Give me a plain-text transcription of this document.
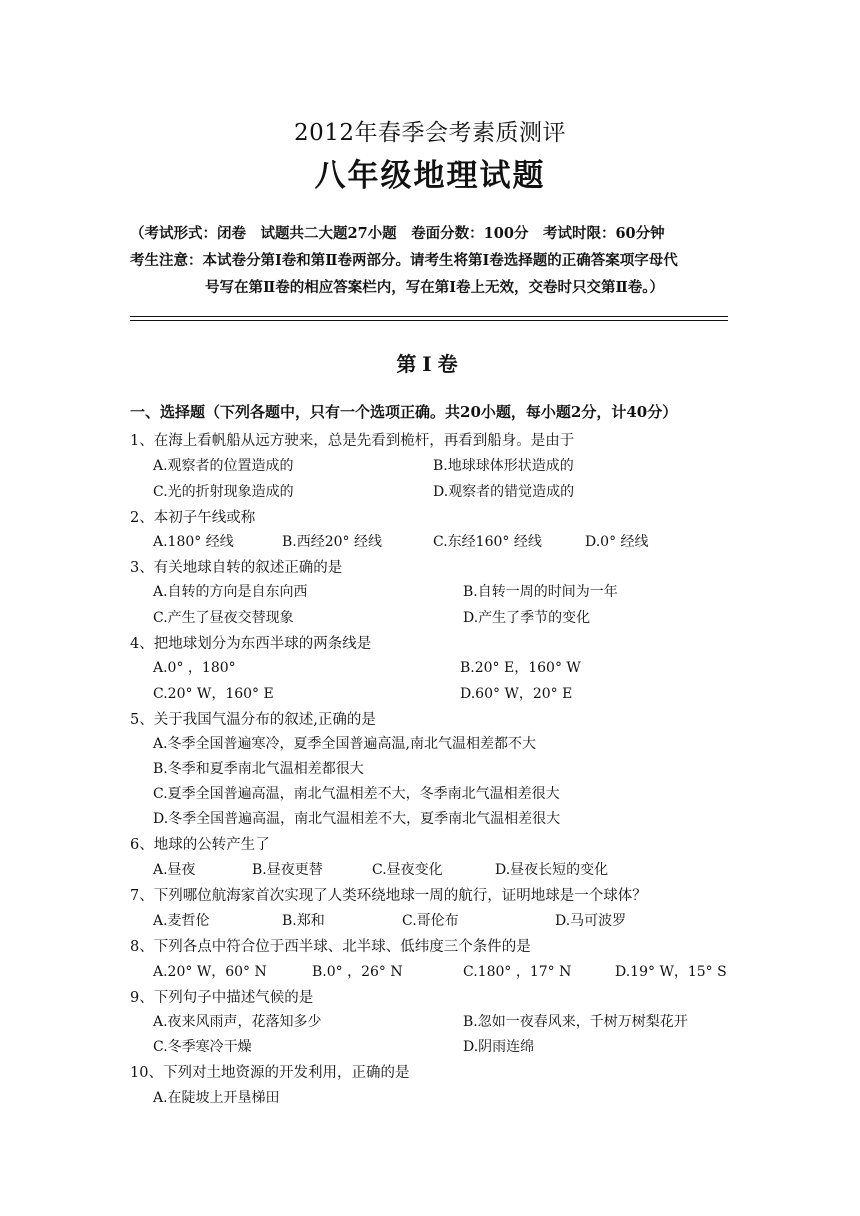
2012年春季会考素质测评
八年级地理试题
（考试形式：闭卷　试题共二大题27小题　卷面分数：100分　考试时限：60分钟
考生注意：本试卷分第Ⅰ卷和第Ⅱ卷两部分。请考生将第Ⅰ卷选择题的正确答案项字母代
号写在第Ⅱ卷的相应答案栏内，写在第Ⅰ卷上无效，交卷时只交第Ⅱ卷。）
第Ⅰ卷
一、选择题（下列各题中，只有一个选项正确。共20小题，每小题2分，计40分）
1、在海上看帆船从远方驶来，总是先看到桅杆，再看到船身。是由于
A.观察者的位置造成的	B.地球球体形状造成的
C.光的折射现象造成的	D.观察者的错觉造成的
2、本初子午线或称
A.180° 经线	B.西经20° 经线	C.东经160° 经线	D.0° 经线
3、有关地球自转的叙述正确的是
A.自转的方向是自东向西	B.自转一周的时间为一年
C.产生了昼夜交替现象	D.产生了季节的变化
4、把地球划分为东西半球的两条线是
A.0° ，180°	B.20° E，160° W
C.20° W，160° E	D.60° W，20° E
5、关于我国气温分布的叙述,正确的是
A.冬季全国普遍寒冷，夏季全国普遍高温,南北气温相差都不大
B.冬季和夏季南北气温相差都很大
C.夏季全国普遍高温，南北气温相差不大，冬季南北气温相差很大
D.冬季全国普遍高温，南北气温相差不大，夏季南北气温相差很大
6、地球的公转产生了
A.昼夜	B.昼夜更替	C.昼夜变化	D.昼夜长短的变化
7、下列哪位航海家首次实现了人类环绕地球一周的航行，证明地球是一个球体？
A.麦哲伦	B.郑和	C.哥伦布	D.马可波罗
8、下列各点中符合位于西半球、北半球、低纬度三个条件的是
A.20° W，60° N	B.0° ，26° N	C.180° ，17° N	D.19° W，15° S
9、下列句子中描述气候的是
A.夜来风雨声，花落知多少	B.忽如一夜春风来，千树万树梨花开
C.冬季寒冷干燥	D.阴雨连绵
10、下列对土地资源的开发利用，正确的是
A.在陡坡上开垦梯田
